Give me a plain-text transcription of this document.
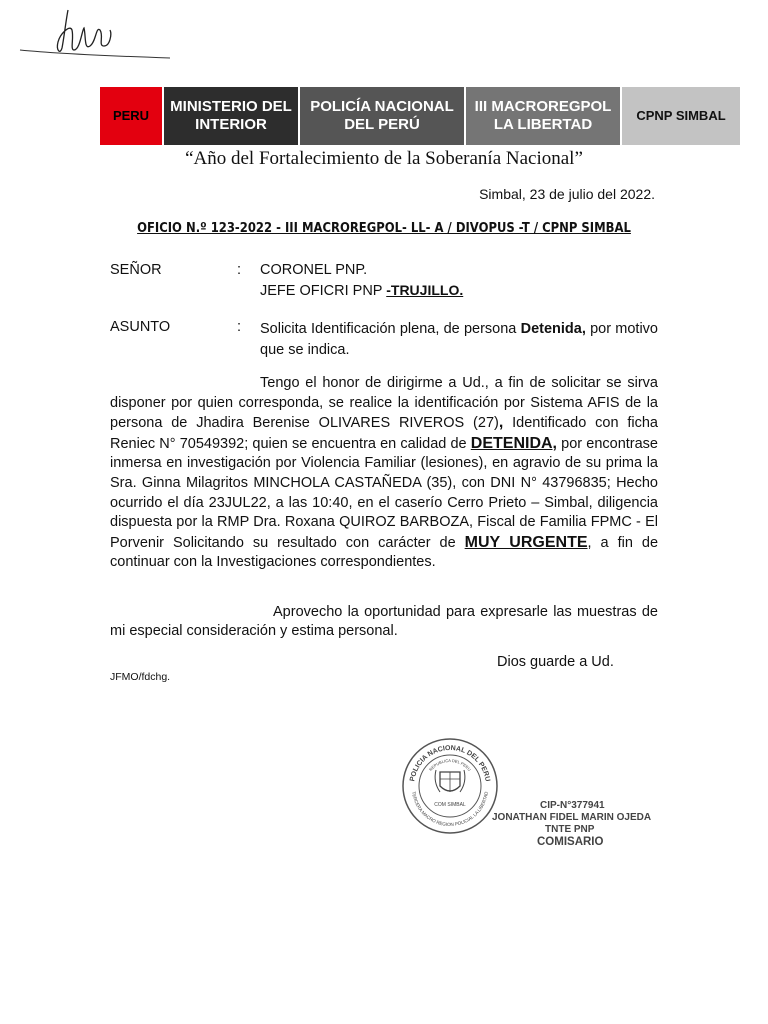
PERU
MINISTERIO DEL
INTERIOR
POLICÍA NACIONAL
DEL PERÚ
III MACROREGPOL
LA LIBERTAD
CPNP SIMBAL
“Año del Fortalecimiento de la Soberanía Nacional”
Simbal, 23 de julio del 2022.
OFICIO N.º 123-2022 - III MACROREGPOL- LL- A / DIVOPUS -T / CPNP SIMBAL
SEÑOR	: CORONEL PNP.
JEFE OFICRI PNP -TRUJILLO.
ASUNTO	: Solicita Identificación plena, de persona Detenida, por motivo que se indica.
Tengo el honor de dirigirme a Ud., a fin de solicitar se sirva disponer por quien corresponda, se realice la identificación por Sistema AFIS de la persona de Jhadira Berenise OLIVARES RIVEROS (27), Identificado con ficha Reniec N° 70549392; quien se encuentra en calidad de DETENIDA, por encontrase inmersa en investigación por Violencia Familiar (lesiones), en agravio de su prima la Sra. Ginna Milagritos MINCHOLA CASTAÑEDA (35), con DNI N° 43796835; Hecho ocurrido el día 23JUL22, a las 10:40, en el caserío Cerro Prieto – Simbal, diligencia dispuesta por la RMP Dra. Roxana QUIROZ BARBOZA, Fiscal de Familia FPMC - El Porvenir Solicitando su resultado con carácter de MUY URGENTE, a fin de continuar con la Investigaciones correspondientes.
Aprovecho la oportunidad para expresarle las muestras de mi especial consideración y estima personal.
Dios guarde a Ud.
JFMO/fdchg.
POLICIA NACIONAL DEL PERU
TERCERA MACRO REGION POLICIAL LA LIBERTAD
REPUBLICA DEL PERU
COM SIMBAL	CIP-N°377941
JONATHAN FIDEL MARIN OJEDA
TNTE PNP
COMISARIO
